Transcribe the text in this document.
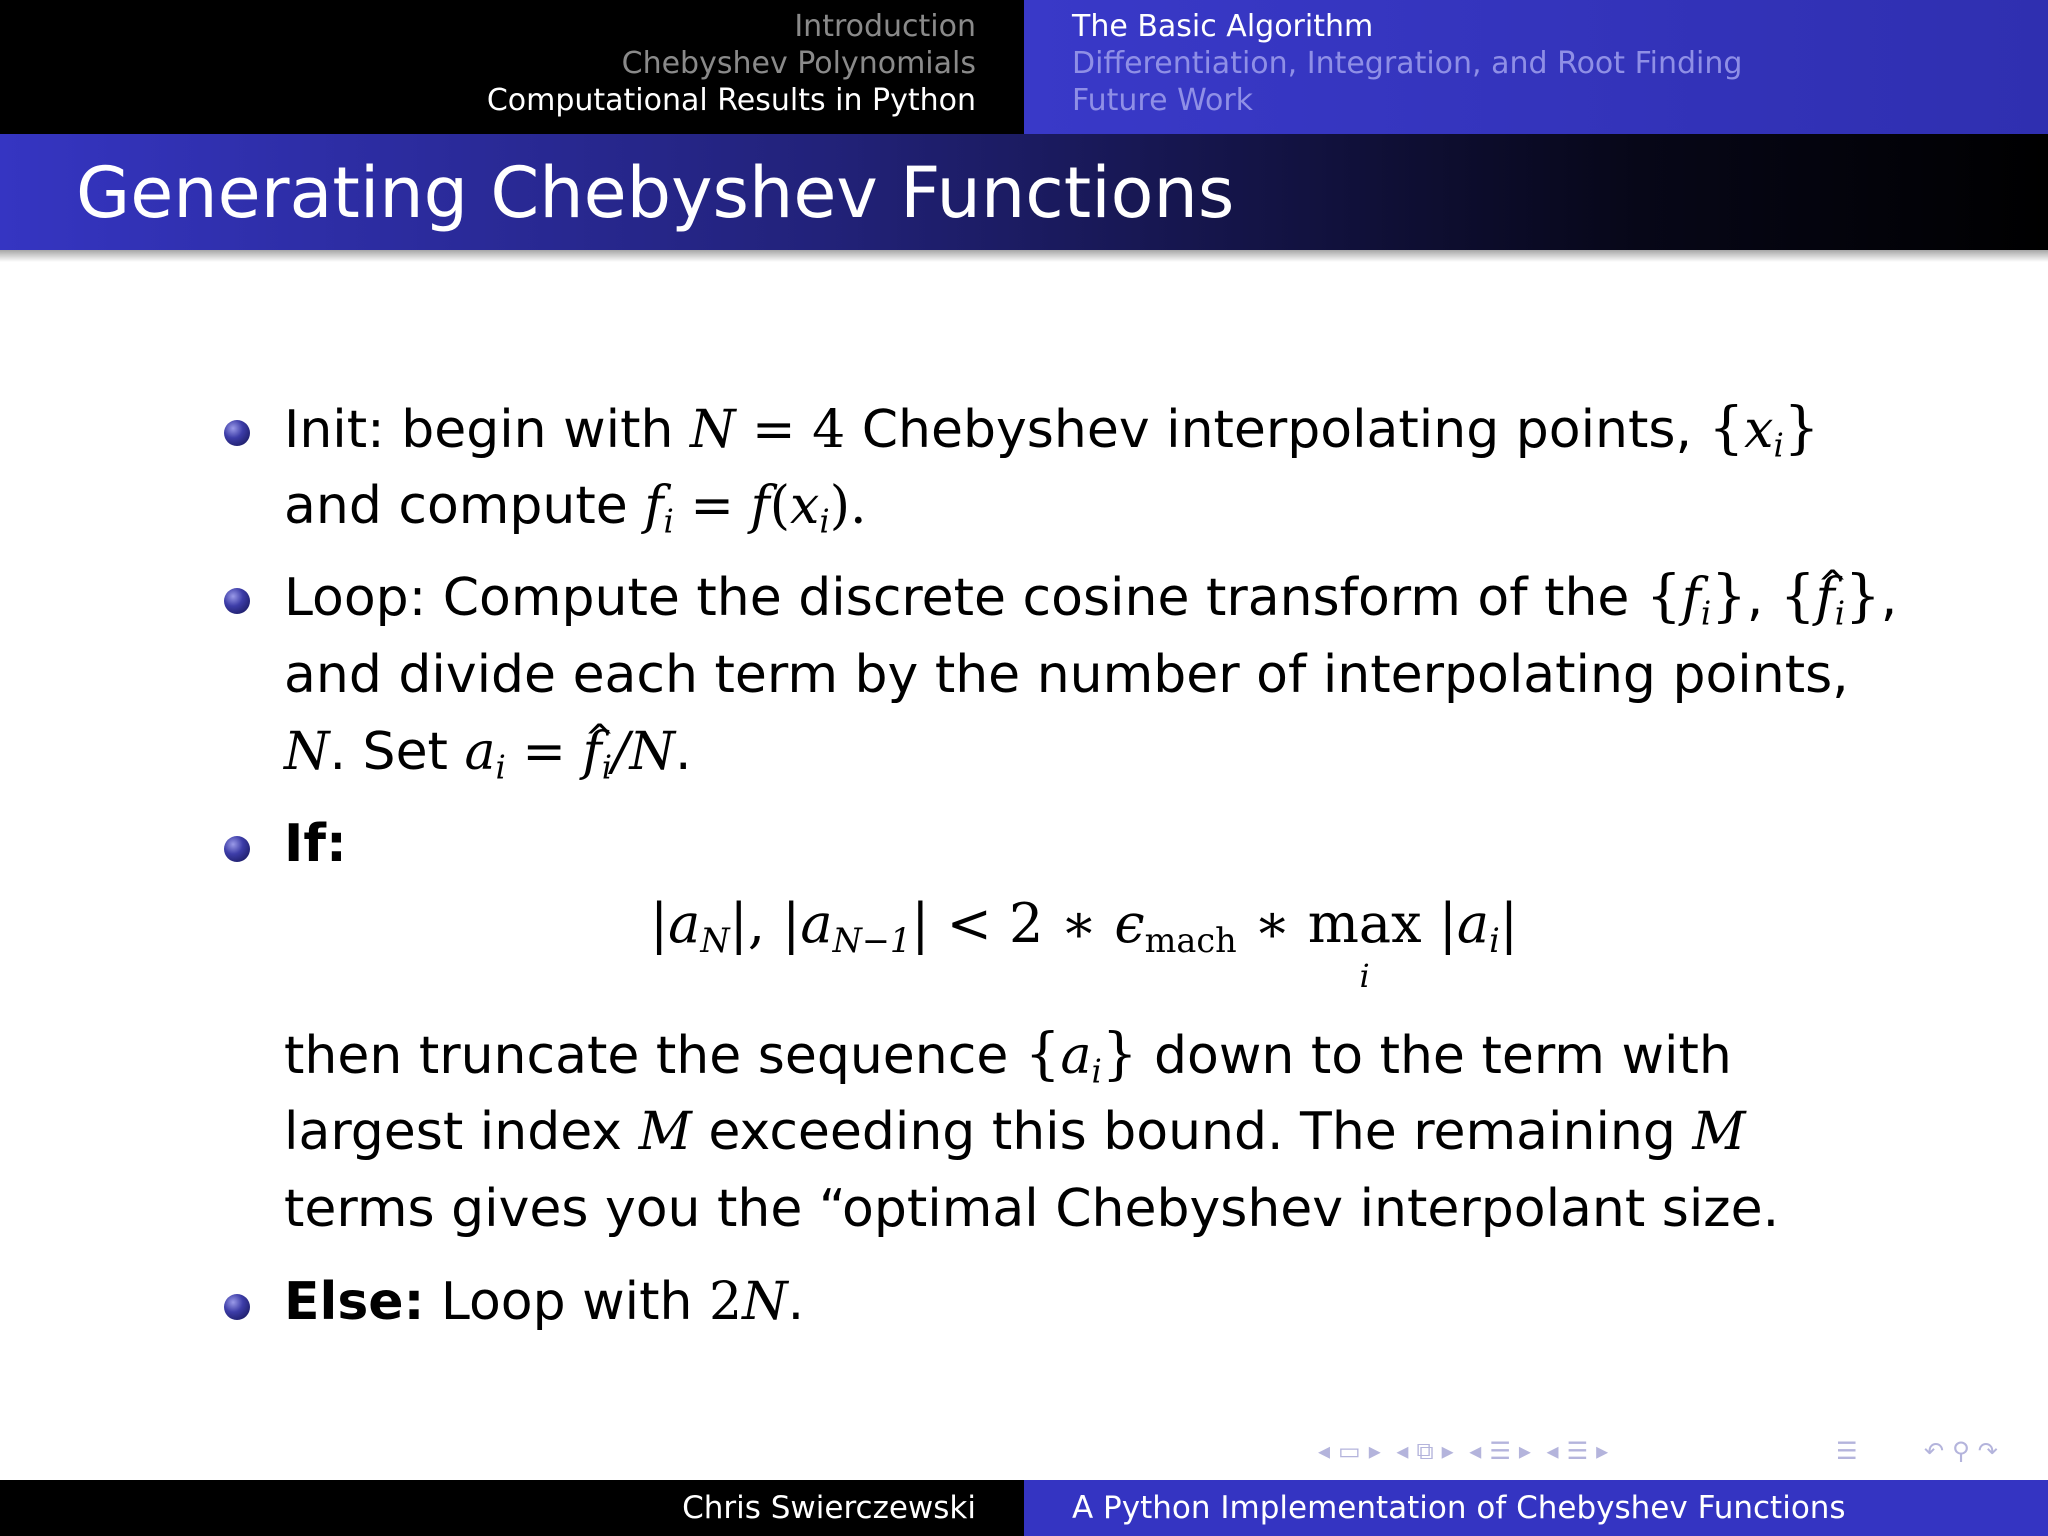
Introduction
Chebyshev Polynomials
Computational Results in Python
The Basic Algorithm
Differentiation, Integration, and Root Finding
Future Work
Generating Chebyshev Functions
Init: begin with N = 4 Chebyshev interpolating points, $\{x_i\}$
and compute $f_i = f(x_i)$.
Loop: Compute the discrete cosine transform of the $\{f_i\}$, {^ $f_i$},
and divide each term by the number of interpolating points,
N. Set $a_i$ = ^ $f_i/N$.
If:
$|a_N|$, $|a_{N-1}| < 2$ ∗ $\epsilon_{mach}$ ∗ max
i
$|a_i|$
then truncate the sequence $\{a_i\}$ down to the term with
largest index M exceeding this bound. The remaining M
terms gives you the “optimal Chebyshev interpolant size.
Else: Loop with 2N.
◂ ▭ ▸ ◂ ⧉ ▸ ◂ ☰ ▸ ◂ ☰ ▸	☰	↶ ⚲ ↷
Chris Swierczewski	A Python Implementation of Chebyshev Functions
